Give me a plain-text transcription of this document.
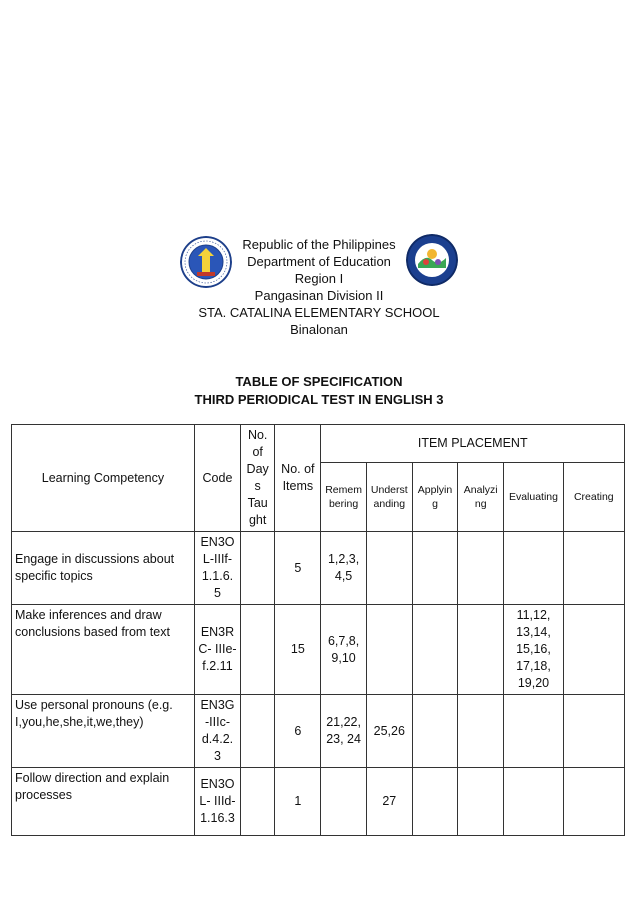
Republic of the Philippines
Department of Education
Region I
Pangasinan Division II
STA. CATALINA ELEMENTARY SCHOOL
Binalonan
TABLE OF SPECIFICATION
THIRD PERIODICAL TEST IN ENGLISH 3
Learning Competency	Code	No. of Day s Tau ght	No. of Items	ITEM PLACEMENT					
				Remem bering	Underst anding	Applyin g	Analyzi ng	Evaluating	Creating
Engage in discussions about specific topics	EN3O L-IIIf- 1.1.6. 5		5	1,2,3, 4,5					
Make inferences and draw conclusions based from text	EN3R C- IIIe- f.2.11		15	6,7,8, 9,10				11,12, 13,14, 15,16, 17,18, 19,20	
Use personal pronouns (e.g. I,you,he,she,it,we,they)	EN3G -IIIc- d.4.2. 3		6	21,22, 23, 24	25,26				
Follow direction and explain processes	EN3O L- IIId- 1.16.3		1		27				
